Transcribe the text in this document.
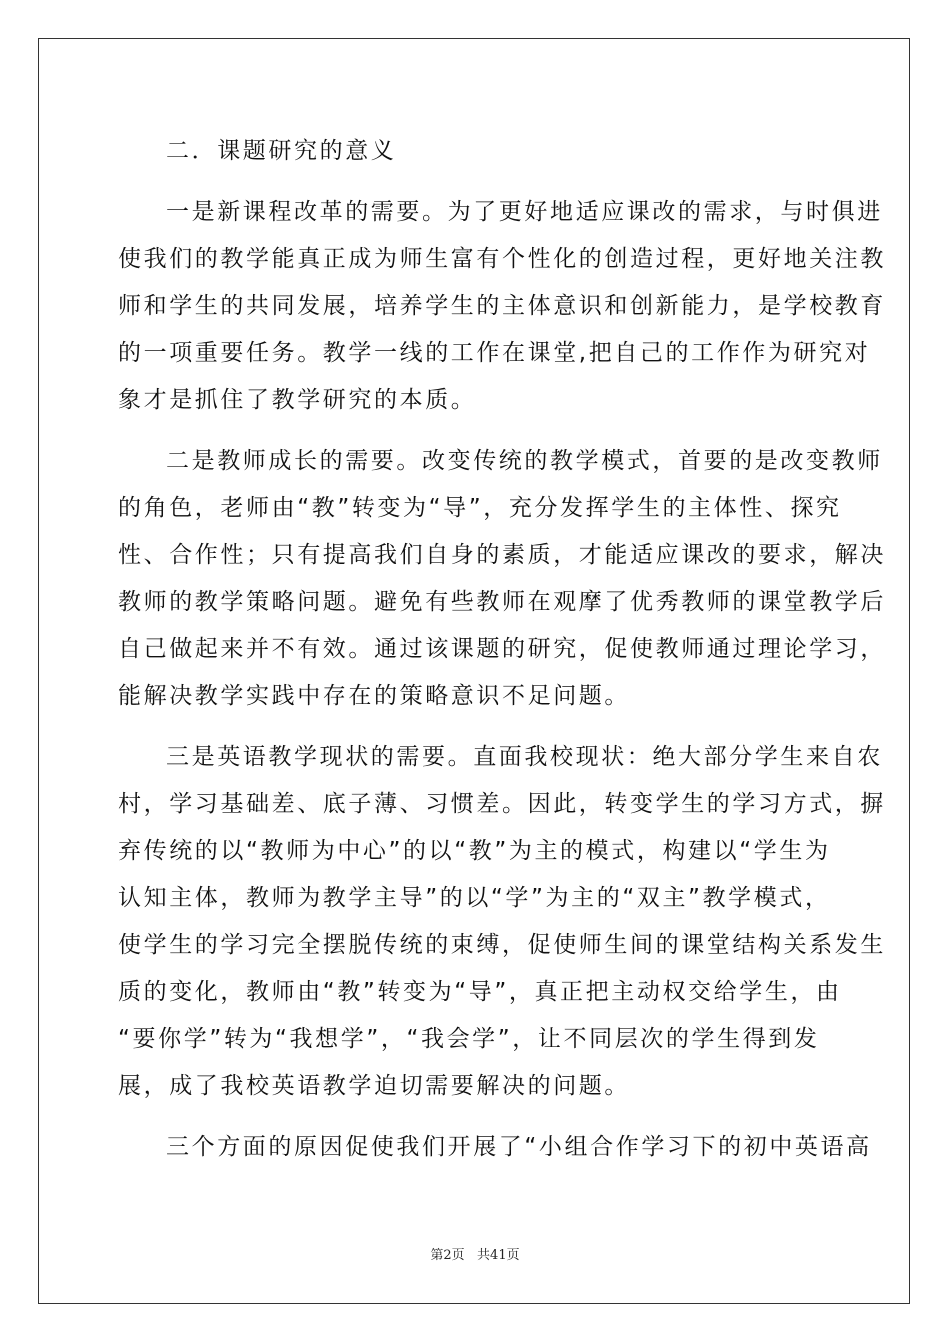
二．课题研究的意义
一是新课程改革的需要。为了更好地适应课改的需求，与时俱进
使我们的教学能真正成为师生富有个性化的创造过程，更好地关注教
师和学生的共同发展，培养学生的主体意识和创新能力，是学校教育
的一项重要任务。教学一线的工作在课堂,把自己的工作作为研究对
象才是抓住了教学研究的本质。
二是教师成长的需要。改变传统的教学模式，首要的是改变教师
的角色，老师由“教”转变为“导”，充分发挥学生的主体性、探究
性、合作性；只有提高我们自身的素质，才能适应课改的要求，解决
教师的教学策略问题。避免有些教师在观摩了优秀教师的课堂教学后
自己做起来并不有效。通过该课题的研究，促使教师通过理论学习，
能解决教学实践中存在的策略意识不足问题。
三是英语教学现状的需要。直面我校现状：绝大部分学生来自农
村，学习基础差、底子薄、习惯差。因此，转变学生的学习方式，摒
弃传统的以“教师为中心”的以“教”为主的模式，构建以“学生为
认知主体，教师为教学主导”的以“学”为主的“双主”教学模式，
使学生的学习完全摆脱传统的束缚，促使师生间的课堂结构关系发生
质的变化，教师由“教”转变为“导”，真正把主动权交给学生，由
“要你学”转为“我想学”，“我会学”，让不同层次的学生得到发
展，成了我校英语教学迫切需要解决的问题。
三个方面的原因促使我们开展了“小组合作学习下的初中英语高
第2页   共41页
